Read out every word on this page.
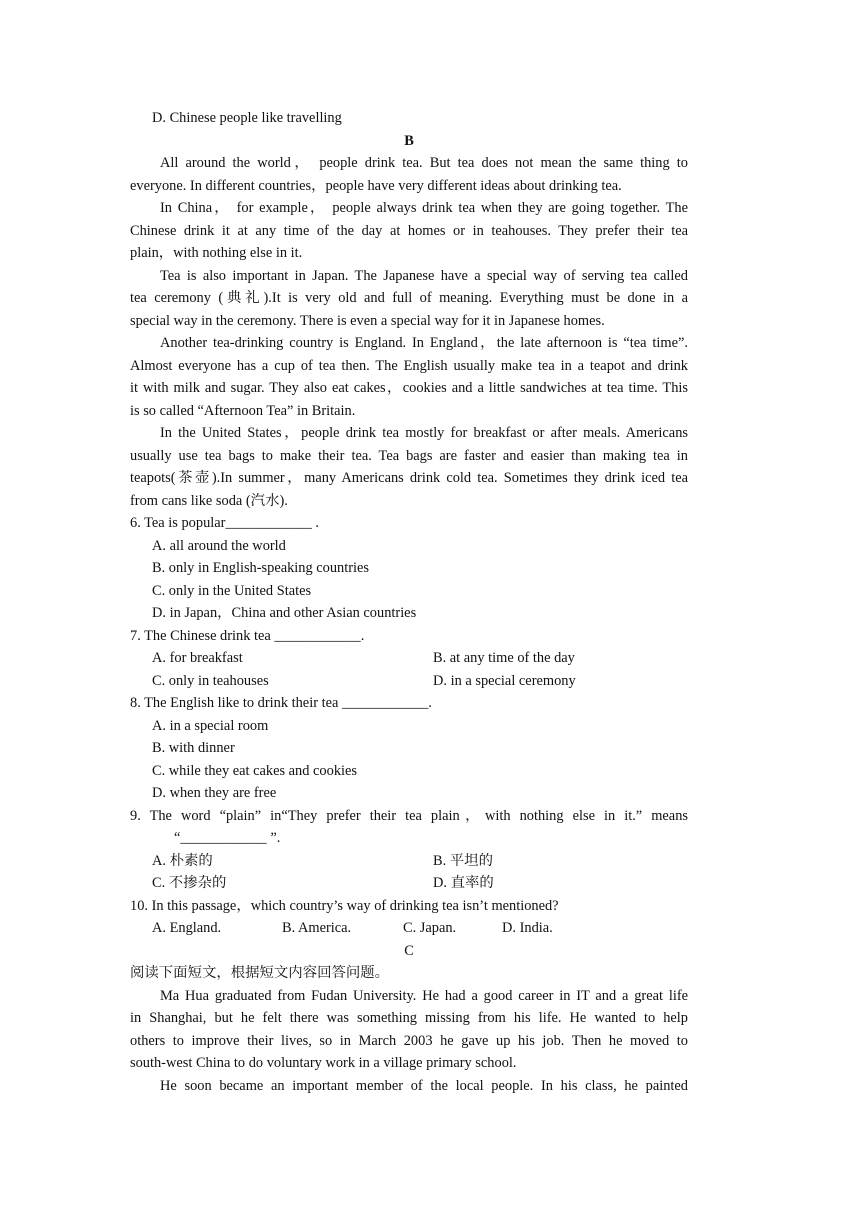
D. Chinese people like travelling
B
All around the world， people drink tea. But tea does not mean the same thing to
everyone. In different countries，people have very different ideas about drinking tea.
In China， for example， people always drink tea when they are going together. The
Chinese drink it at any time of the day at homes or in teahouses. They prefer their tea
plain，with nothing else in it.
Tea is also important in Japan. The Japanese have a special way of serving tea called
tea ceremony (典礼).It is very old and full of meaning. Everything must be done in a
special way in the ceremony. There is even a special way for it in Japanese homes.
Another tea-drinking country is England. In England，the late afternoon is “tea time”.
Almost everyone has a cup of tea then. The English usually make tea in a teapot and drink
it with milk and sugar. They also eat cakes，cookies and a little sandwiches at tea time. This
is so called “Afternoon Tea” in Britain.
In the United States，people drink tea mostly for breakfast or after meals. Americans
usually use tea bags to make their tea. Tea bags are faster and easier than making tea in
teapots(茶壶).In summer，many Americans drink cold tea. Sometimes they drink iced tea
from cans like soda (汽水).
6. Tea is popular____________ .
A. all around the world
B. only in English-speaking countries
C. only in the United States
D. in Japan，China and other Asian countries
7. The Chinese drink tea ____________.
A. for breakfast	B. at any time of the day
C. only in teahouses	D. in a special ceremony
8. The English like to drink their tea ____________.
A. in a special room
B. with dinner
C. while they eat cakes and cookies
D. when they are free
9. The word “plain” in“They prefer their tea plain，with nothing else in it.” means
“____________ ”.
A. 朴素的	B. 平坦的
C. 不掺杂的	D. 直率的
10. In this passage，which country’s way of drinking tea isn’t mentioned?
A. England.	B. America.	C. Japan.	D. India.
C
阅读下面短文，根据短文内容回答问题。
Ma Hua graduated from Fudan University. He had a good career in IT and a great life
in Shanghai, but he felt there was something missing from his life. He wanted to help
others to improve their lives, so in March 2003 he gave up his job. Then he moved to
south-west China to do voluntary work in a village primary school.
He soon became an important member of the local people. In his class, he painted
